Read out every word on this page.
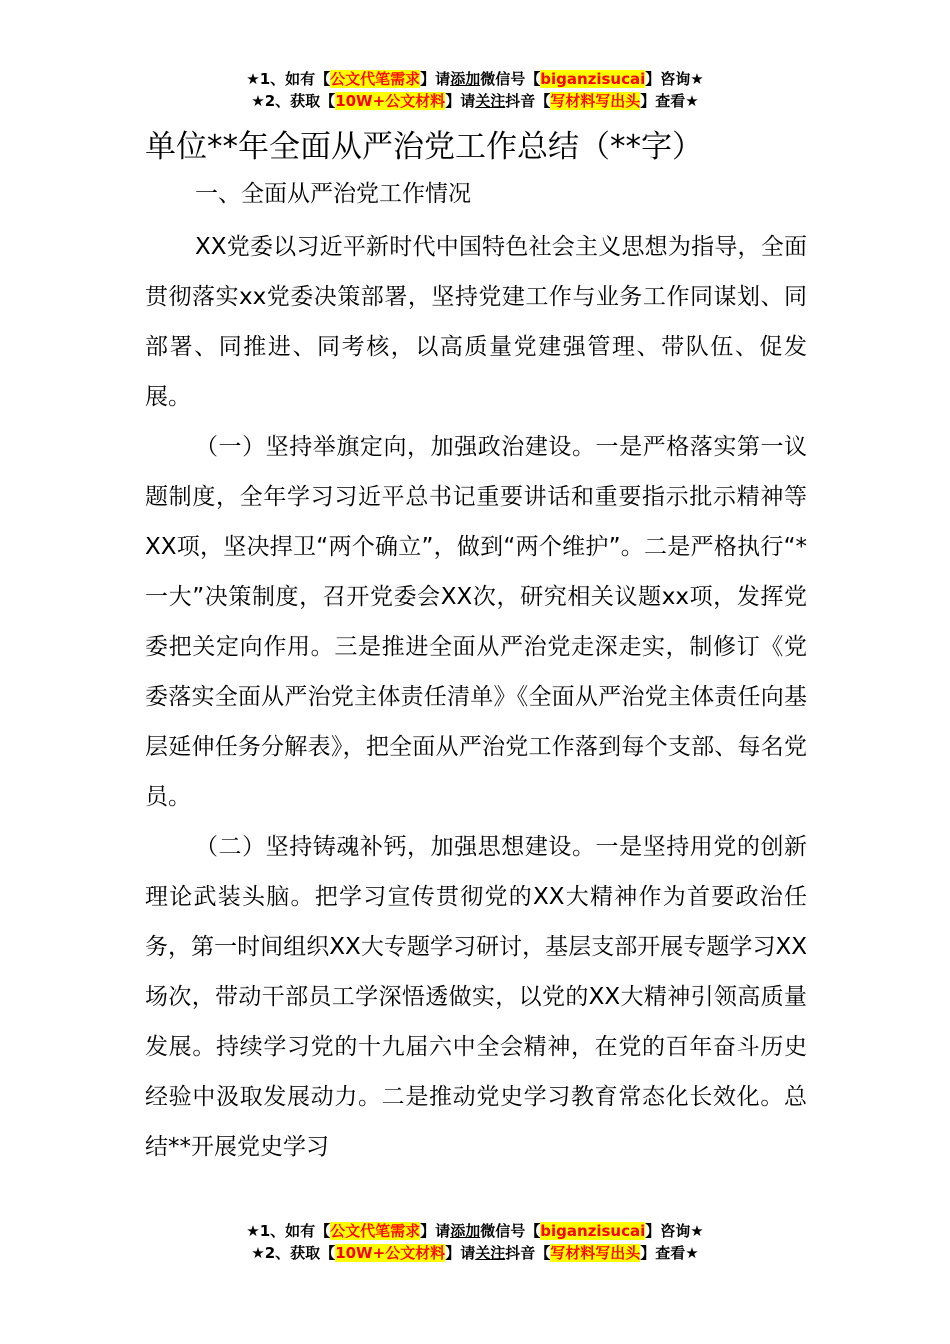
★1、如有【公文代笔需求】请添加微信号【biganzisucai】咨询★
★2、获取【10W+公文材料】请关注抖音【写材料写出头】查看★
单位**年全面从严治党工作总结（**字）
一、全面从严治党工作情况

XX党委以习近平新时代中国特色社会主义思想为指导，全面贯彻落实xx党委决策部署，坚持党建工作与业务工作同谋划、同部署、同推进、同考核，以高质量党建强管理、带队伍、促发展。

（一）坚持举旗定向，加强政治建设。一是严格落实第一议题制度，全年学习习近平总书记重要讲话和重要指示批示精神等XX项，坚决捍卫“两个确立”，做到“两个维护”。二是严格执行“*一大”决策制度，召开党委会XX次，研究相关议题xx项，发挥党委把关定向作用。三是推进全面从严治党走深走实，制修订《党委落实全面从严治党主体责任清单》《全面从严治党主体责任向基层延伸任务分解表》，把全面从严治党工作落到每个支部、每名党员。

（二）坚持铸魂补钙，加强思想建设。一是坚持用党的创新理论武装头脑。把学习宣传贯彻党的XX大精神作为首要政治任务，第一时间组织XX大专题学习研讨，基层支部开展专题学习XX场次，带动干部员工学深悟透做实，以党的XX大精神引领高质量发展。持续学习党的十九届六中全会精神，在党的百年奋斗历史经验中汲取发展动力。二是推动党史学习教育常态化长效化。总结**开展党史学习

★1、如有【公文代笔需求】请添加微信号【biganzisucai】咨询★
★2、获取【10W+公文材料】请关注抖音【写材料写出头】查看★
